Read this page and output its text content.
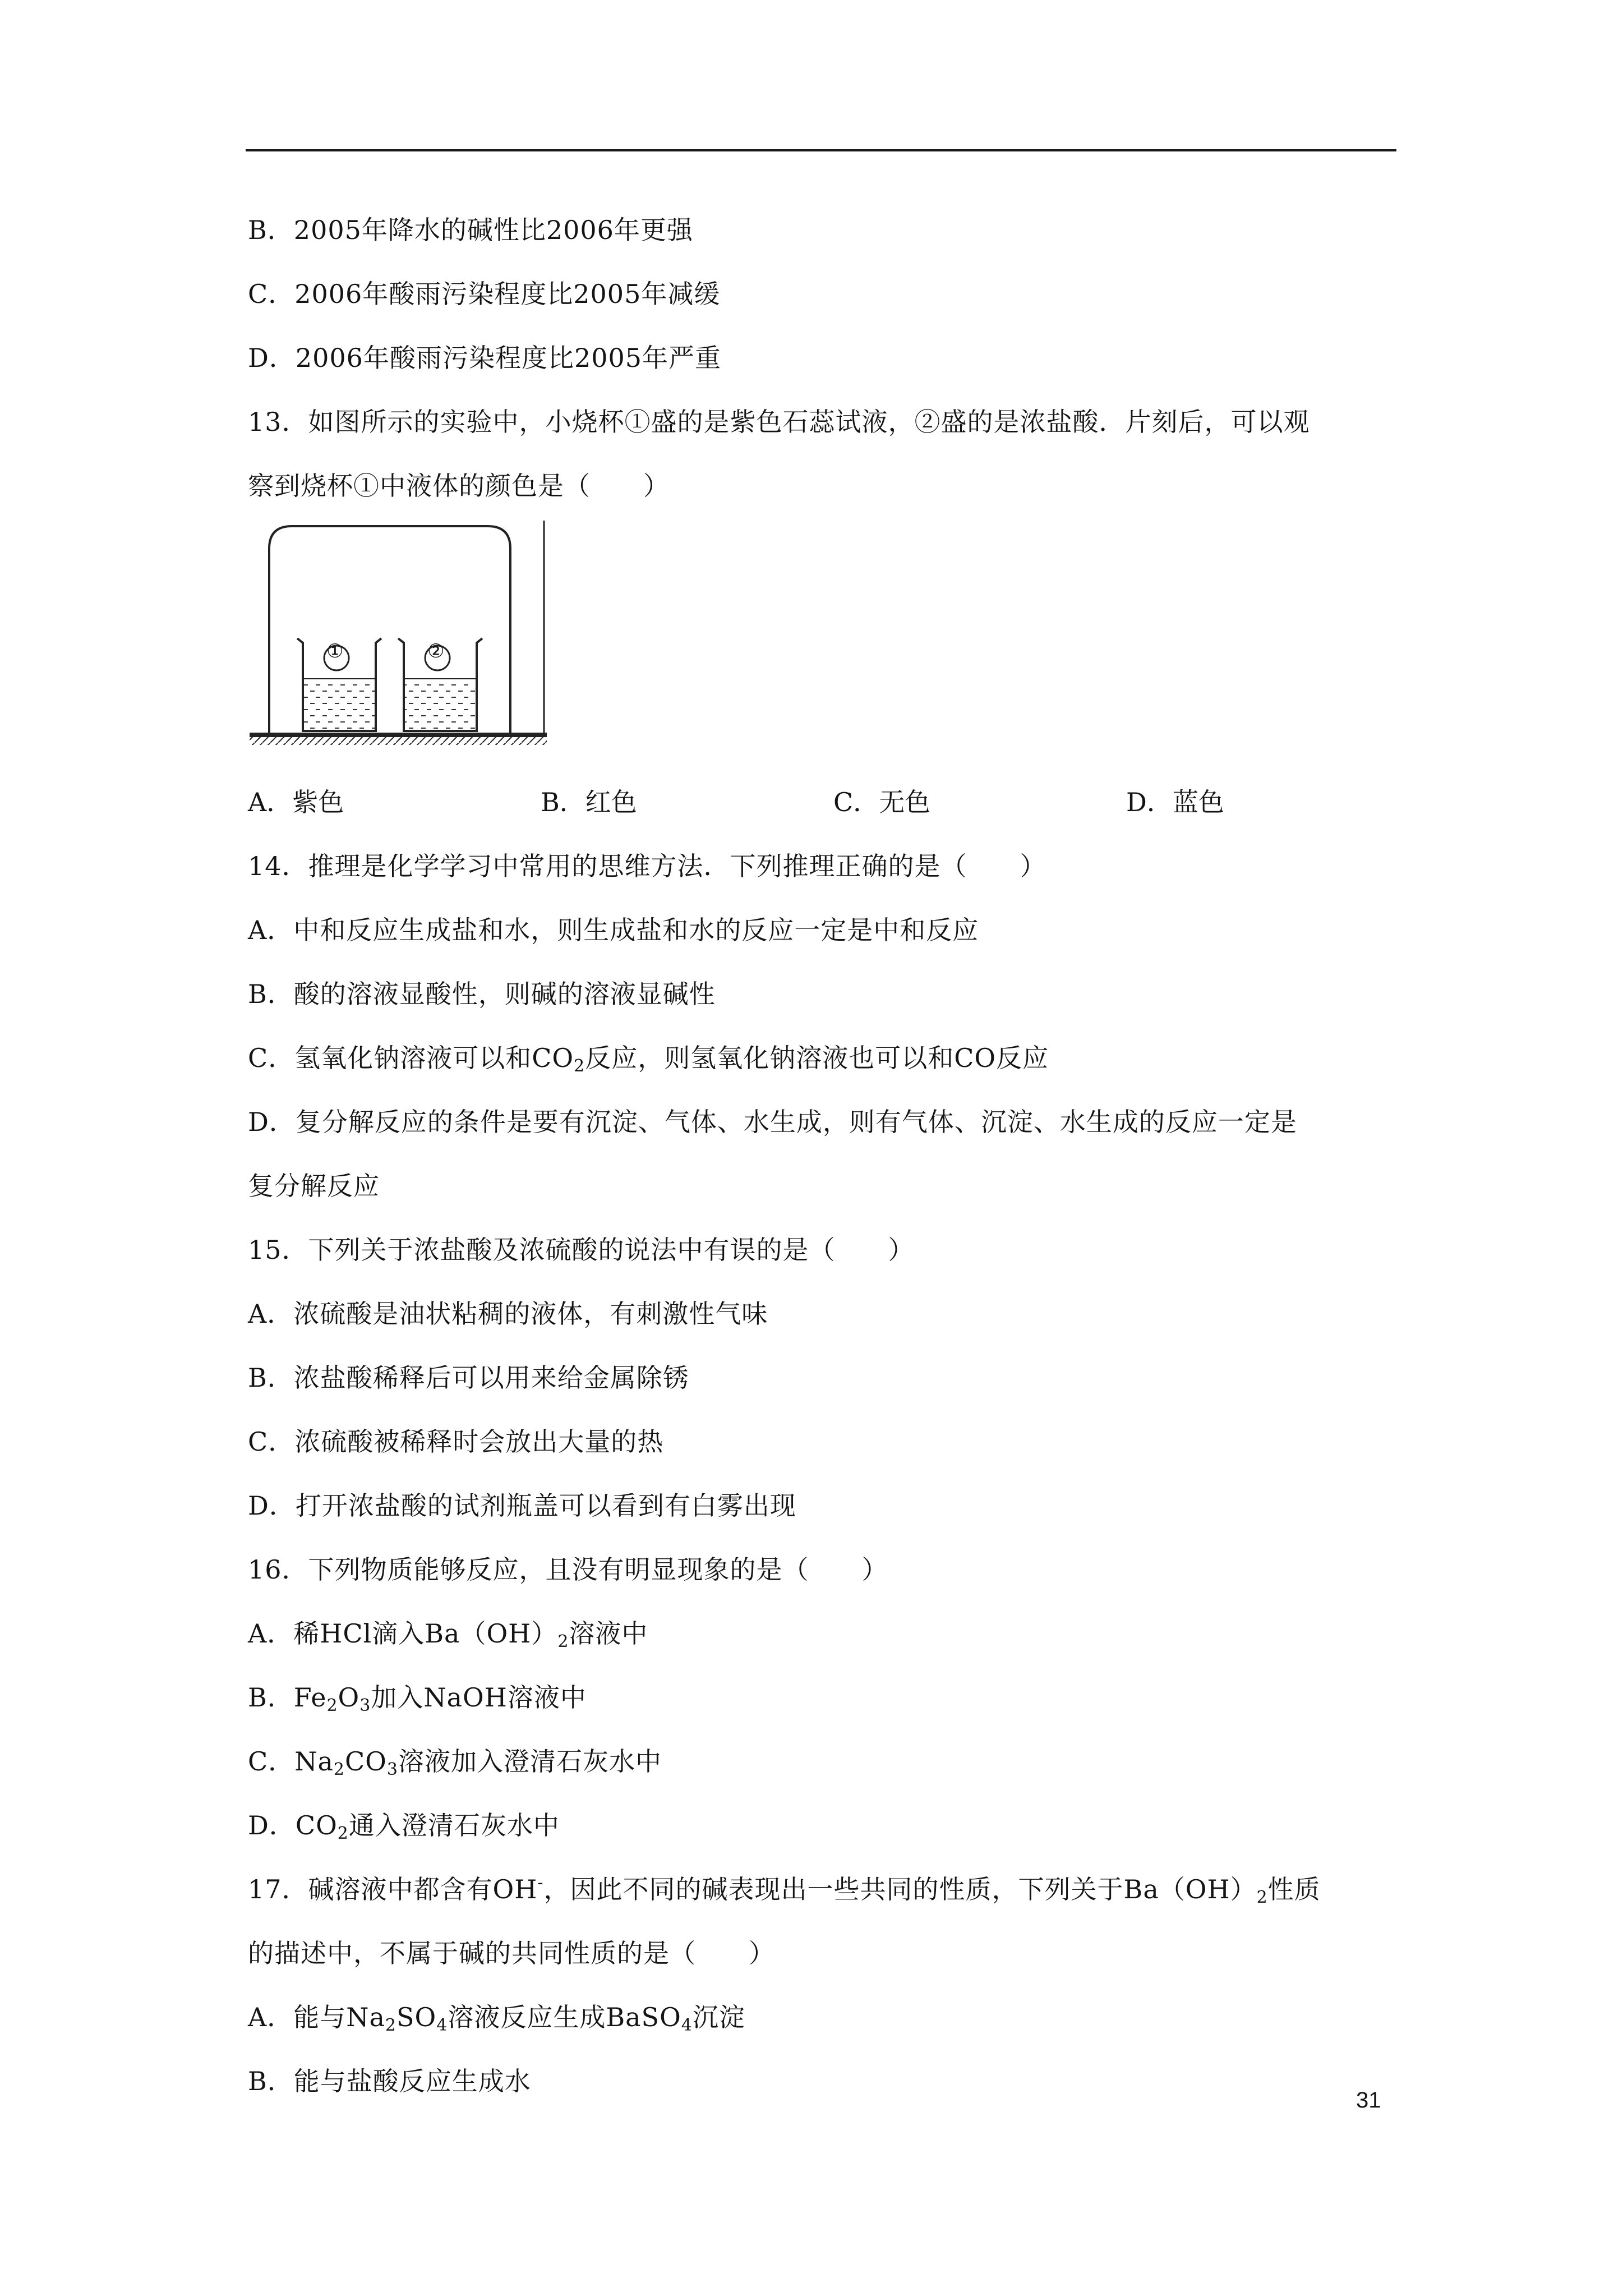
B．2005年降水的碱性比2006年更强
C．2006年酸雨污染程度比2005年减缓
D．2006年酸雨污染程度比2005年严重
13．如图所示的实验中，小烧杯①盛的是紫色石蕊试液，②盛的是浓盐酸．片刻后，可以观
察到烧杯①中液体的颜色是（　　）
A．紫色	B．红色	C．无色	D．蓝色
14．推理是化学学习中常用的思维方法．下列推理正确的是（　　）
A．中和反应生成盐和水，则生成盐和水的反应一定是中和反应
B．酸的溶液显酸性，则碱的溶液显碱性
C．氢氧化钠溶液可以和$CO_2$反应，则氢氧化钠溶液也可以和CO反应
D．复分解反应的条件是要有沉淀、气体、水生成，则有气体、沉淀、水生成的反应一定是
复分解反应
15．下列关于浓盐酸及浓硫酸的说法中有误的是（　　）
A．浓硫酸是油状粘稠的液体，有刺激性气味
B．浓盐酸稀释后可以用来给金属除锈
C．浓硫酸被稀释时会放出大量的热
D．打开浓盐酸的试剂瓶盖可以看到有白雾出现
16．下列物质能够反应，且没有明显现象的是（　　）
A．稀HCl滴入$Ba(OH)_2$溶液中
B．$Fe_2O_3$加入NaOH溶液中
C．$Na_2CO_3$溶液加入澄清石灰水中
D．$CO_2$通入澄清石灰水中
17．碱溶液中都含有OH-，因此不同的碱表现出一些共同的性质，下列关于$Ba(OH)_2$性质
的描述中，不属于碱的共同性质的是（　　）
A．能与$Na_2SO_4$溶液反应生成BaSO$_4$沉淀
B．能与盐酸反应生成水
31
①	②
